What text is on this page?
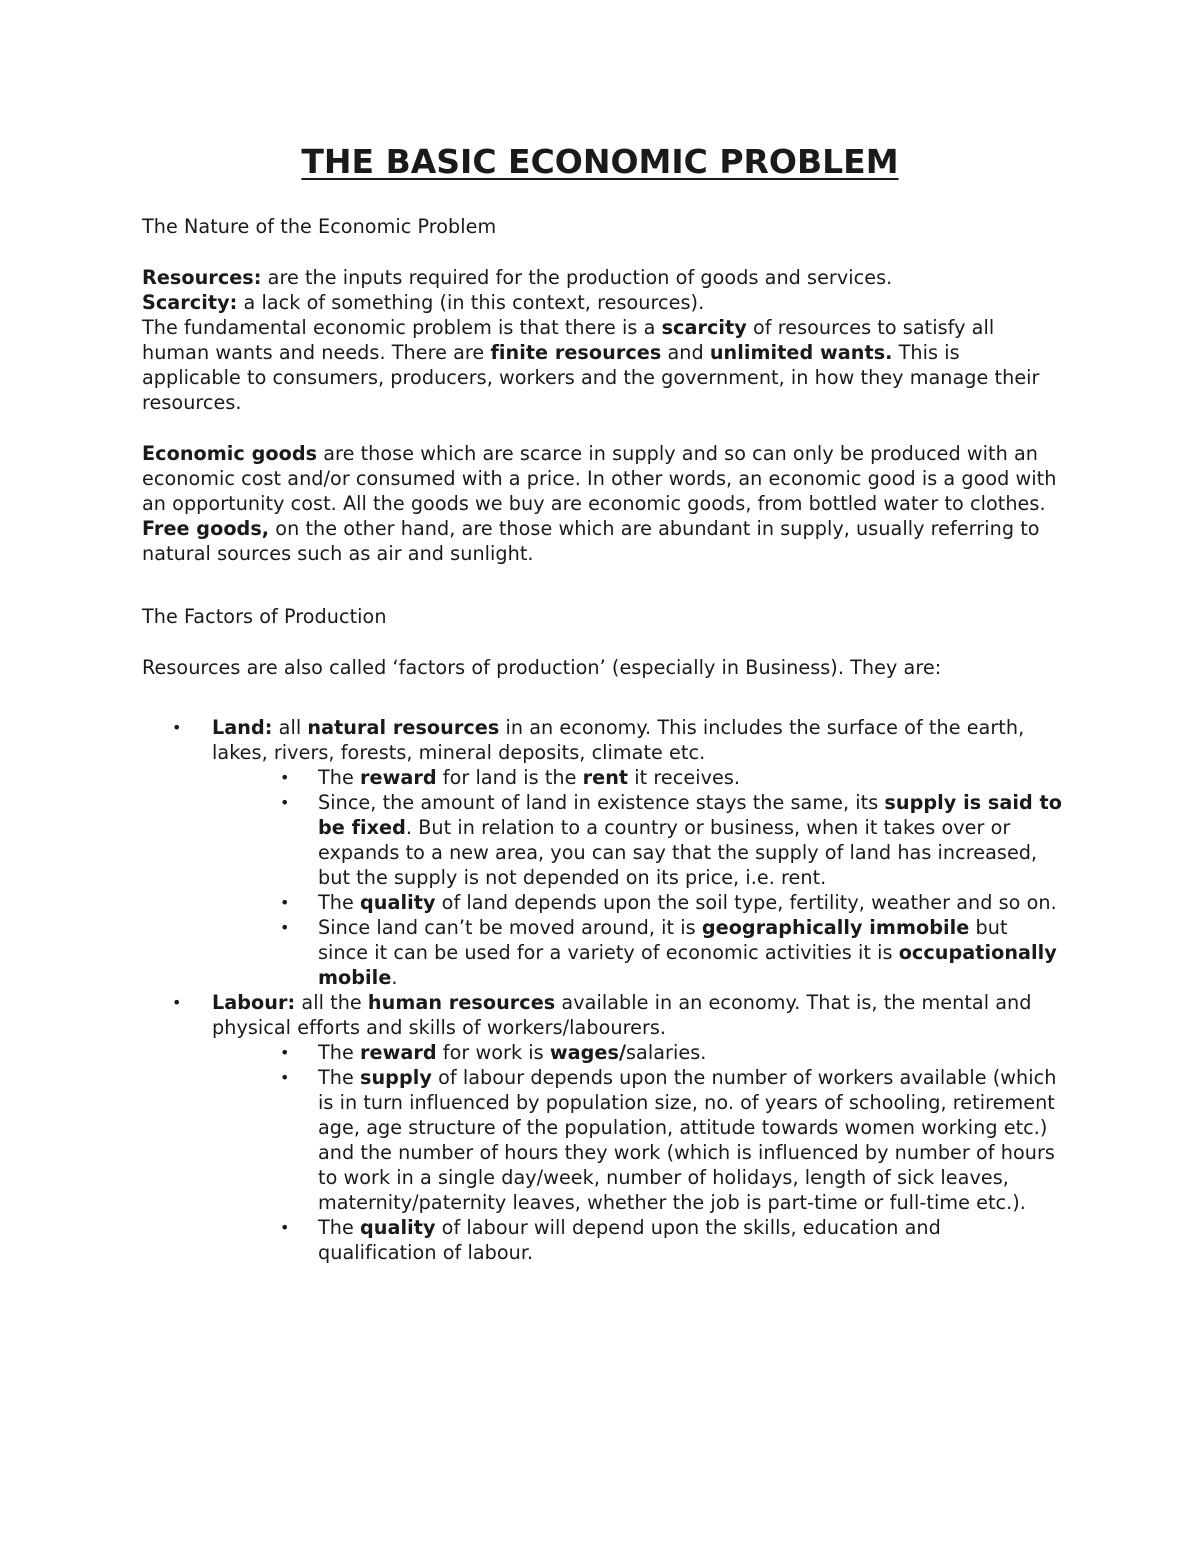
THE BASIC ECONOMIC PROBLEM

The Nature of the Economic Problem

Resources: are the inputs required for the production of goods and services.

Scarcity: a lack of something (in this context, resources).

The fundamental economic problem is that there is a scarcity of resources to satisfy all human wants and needs. There are finite resources and unlimited wants. This is applicable to consumers, producers, workers and the government, in how they manage their resources.

Economic goods are those which are scarce in supply and so can only be produced with an economic cost and/or consumed with a price. In other words, an economic good is a good with an opportunity cost. All the goods we buy are economic goods, from bottled water to clothes.

Free goods, on the other hand, are those which are abundant in supply, usually referring to natural sources such as air and sunlight.

The Factors of Production

Resources are also called ‘factors of production’ (especially in Business). They are:

• Land: all natural resources in an economy. This includes the surface of the earth, lakes, rivers, forests, mineral deposits, climate etc.
• The reward for land is the rent it receives.
• Since, the amount of land in existence stays the same, its supply is said to be fixed. But in relation to a country or business, when it takes over or expands to a new area, you can say that the supply of land has increased, but the supply is not depended on its price, i.e. rent.
• The quality of land depends upon the soil type, fertility, weather and so on.
• Since land can’t be moved around, it is geographically immobile but since it can be used for a variety of economic activities it is occupationally mobile.
• Labour: all the human resources available in an economy. That is, the mental and physical efforts and skills of workers/labourers.
• The reward for work is wages/salaries.
• The supply of labour depends upon the number of workers available (which is in turn influenced by population size, no. of years of schooling, retirement age, age structure of the population, attitude towards women working etc.) and the number of hours they work (which is influenced by number of hours to work in a single day/week, number of holidays, length of sick leaves, maternity/paternity leaves, whether the job is part-time or full-time etc.).
• The quality of labour will depend upon the skills, education and qualification of labour.
